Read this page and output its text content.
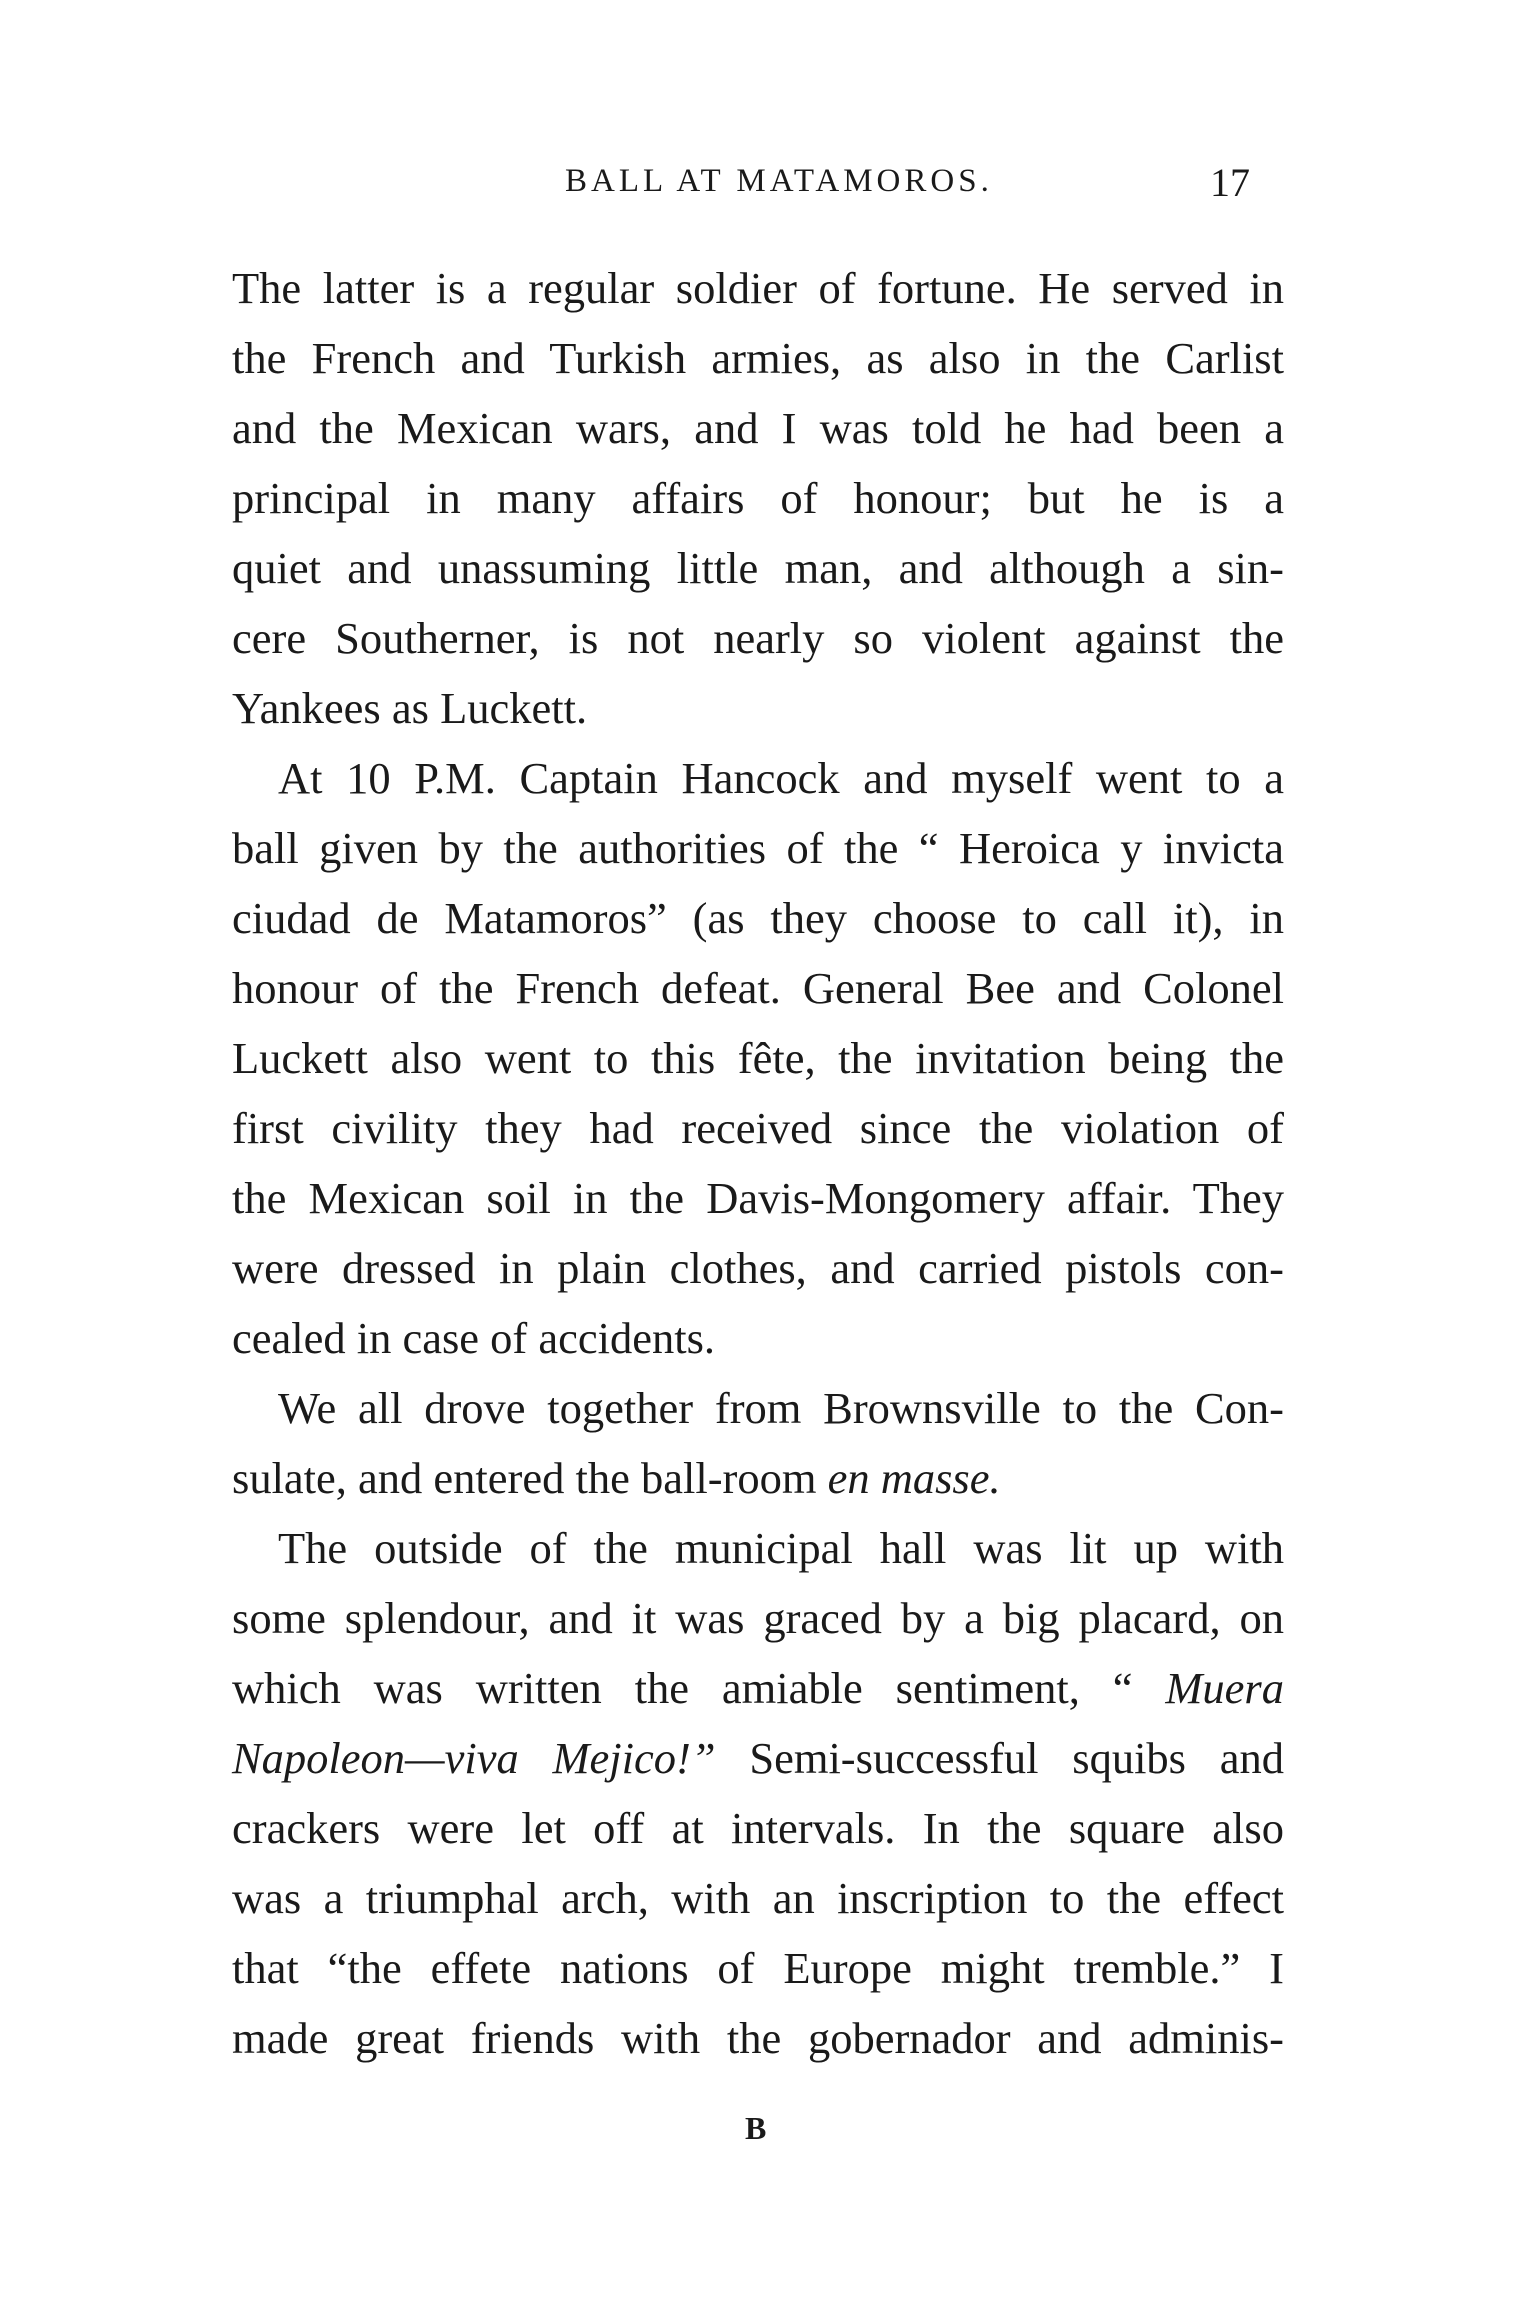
BALL AT MATAMOROS.	17
The latter is a regular soldier of fortune. He served in
the French and Turkish armies, as also in the Carlist
and the Mexican wars, and I was told he had been a
principal in many affairs of honour; but he is a
quiet and unassuming little man, and although a sin-
cere Southerner, is not nearly so violent against the
Yankees as Luckett.
At 10 P.M. Captain Hancock and myself went to a
ball given by the authorities of the “ Heroica y invicta
ciudad de Matamoros” (as they choose to call it), in
honour of the French defeat. General Bee and Colonel
Luckett also went to this fête, the invitation being the
first civility they had received since the violation of
the Mexican soil in the Davis-Mongomery affair. They
were dressed in plain clothes, and carried pistols con-
cealed in case of accidents.
We all drove together from Brownsville to the Con-
sulate, and entered the ball-room en masse.
The outside of the municipal hall was lit up with
some splendour, and it was graced by a big placard, on
which was written the amiable sentiment, “ Muera
Napoleon—viva Mejico!” Semi-successful squibs and
crackers were let off at intervals. In the square also
was a triumphal arch, with an inscription to the effect
that “the effete nations of Europe might tremble.” I
made great friends with the gobernador and adminis-
B
